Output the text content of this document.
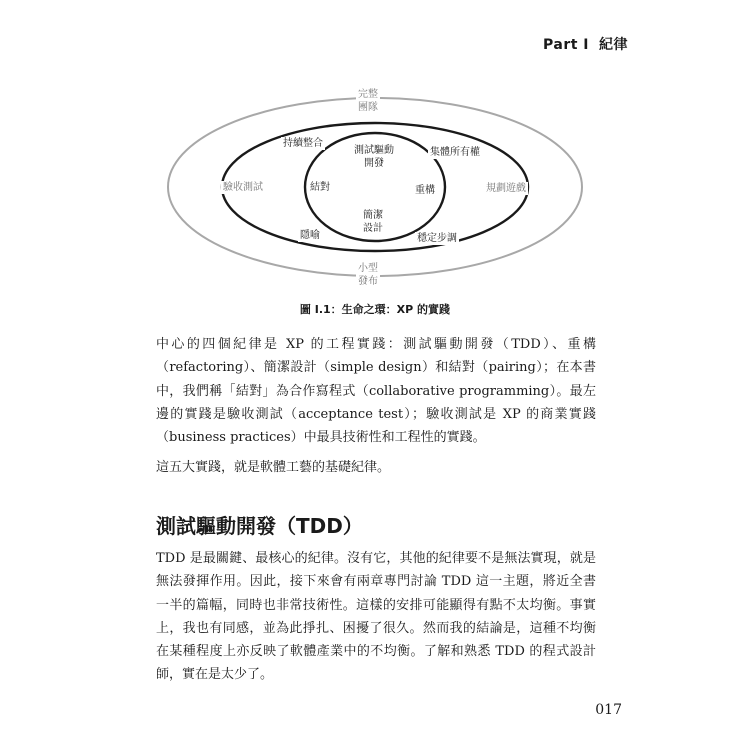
Part I 紀律
完整
團隊
驗收測試	規劃遊戲
小型
發布
持續整合
集體所有權
隱喻	穩定步調
測試驅動
開發
結對	重構
簡潔
設計
圖 I.1：生命之環：XP 的實踐

中心的四個紀律是 XP 的工程實踐：測試驅動開發（TDD）、重構（refactoring）、簡潔設計（simple design）和結對（pairing）；在本書中，我們稱「結對」為合作寫程式（collaborative programming）。最左邊的實踐是驗收測試（acceptance test）；驗收測試是 XP 的商業實踐（business practices）中最具技術性和工程性的實踐。

這五大實踐，就是軟體工藝的基礎紀律。

測試驅動開發（TDD）

TDD 是最關鍵、最核心的紀律。沒有它，其他的紀律要不是無法實現，就是無法發揮作用。因此，接下來會有兩章專門討論 TDD 這一主題，將近全書一半的篇幅，同時也非常技術性。這樣的安排可能顯得有點不太均衡。事實上，我也有同感，並為此掙扎、困擾了很久。然而我的結論是，這種不均衡在某種程度上亦反映了軟體產業中的不均衡。了解和熟悉 TDD 的程式設計師，實在是太少了。

017
